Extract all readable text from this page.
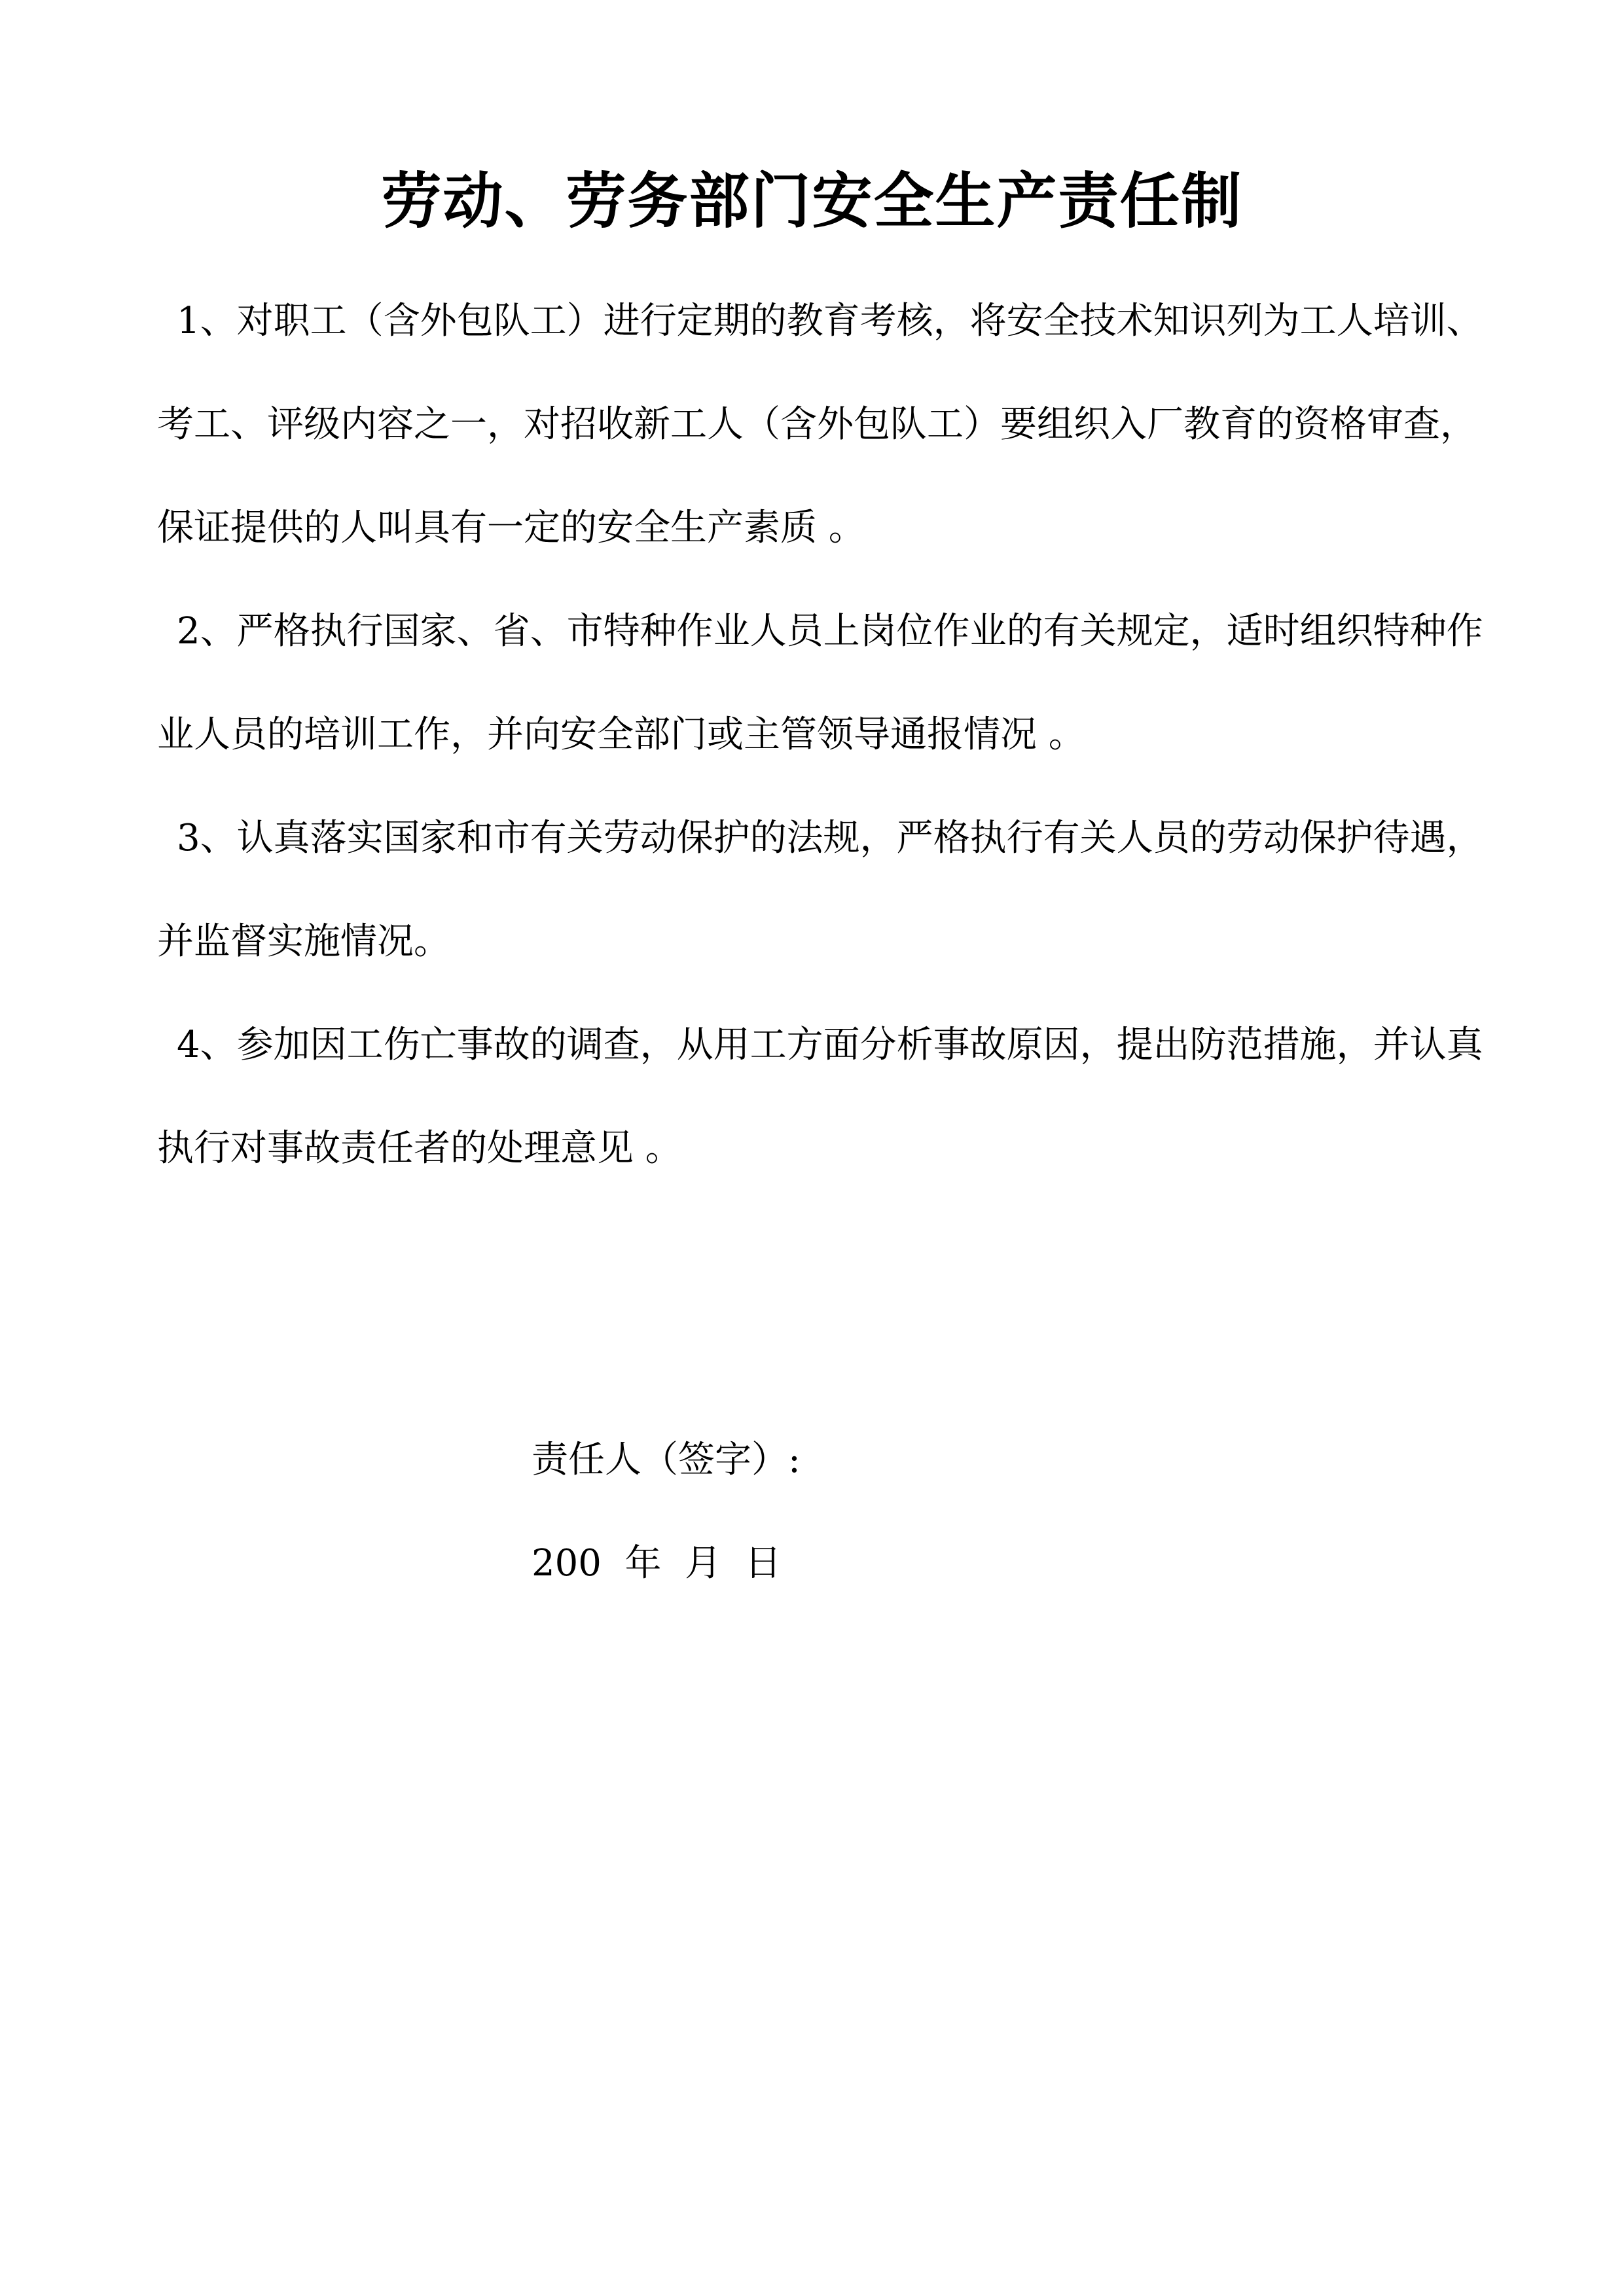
劳动、劳务部门安全生产责任制

1、对职工（含外包队工）进行定期的教育考核，将安全技术知识列为工人培训、考工、评级内容之一，对招收新工人（含外包队工）要组织入厂教育的资格审查，保证提供的人叫具有一定的安全生产素质 。

2、严格执行国家、省、市特种作业人员上岗位作业的有关规定，适时组织特种作业人员的培训工作，并向安全部门或主管领导通报情况 。

3、认真落实国家和市有关劳动保护的法规，严格执行有关人员的劳动保护待遇，并监督实施情况。

4、参加因工伤亡事故的调查，从用工方面分析事故原因，提出防范措施，并认真执行对事故责任者的处理意见 。

责任人（签字）:
200  年  月  日
